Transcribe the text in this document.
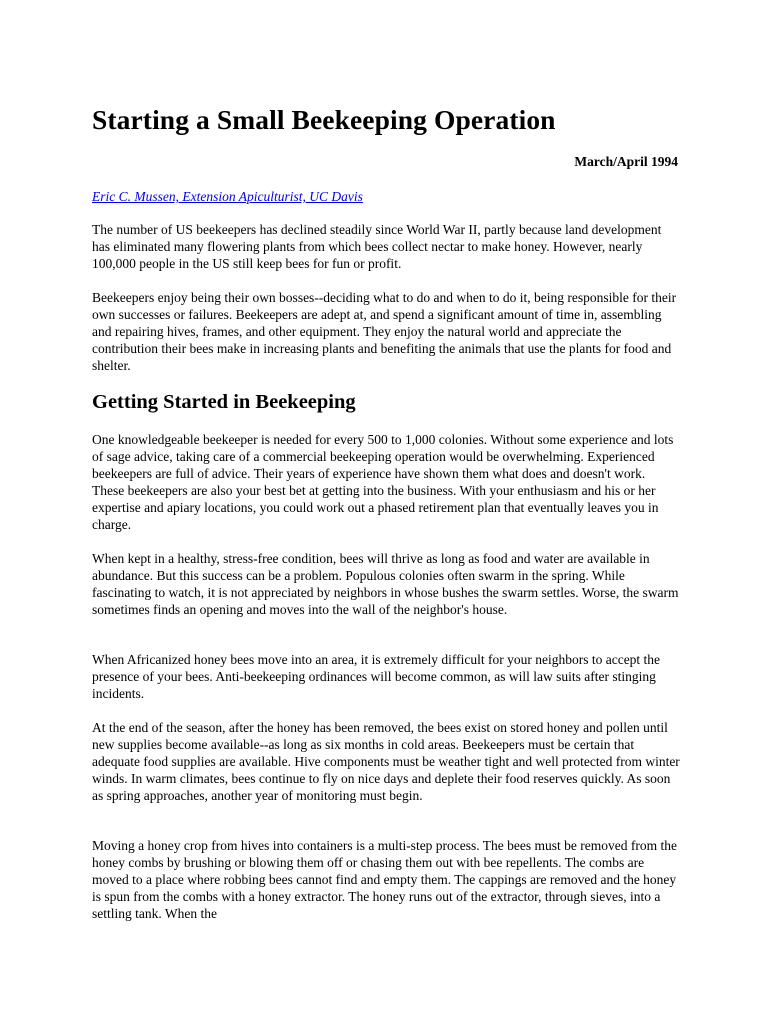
Starting a Small Beekeeping Operation

March/April 1994

Eric C. Mussen, Extension Apiculturist, UC Davis

The number of US beekeepers has declined steadily since World War II, partly because land development has eliminated many flowering plants from which bees collect nectar to make honey. However, nearly 100,000 people in the US still keep bees for fun or profit.

Beekeepers enjoy being their own bosses--deciding what to do and when to do it, being responsible for their own successes or failures. Beekeepers are adept at, and spend a significant amount of time in, assembling and repairing hives, frames, and other equipment. They enjoy the natural world and appreciate the contribution their bees make in increasing plants and benefiting the animals that use the plants for food and shelter.

Getting Started in Beekeeping

One knowledgeable beekeeper is needed for every 500 to 1,000 colonies. Without some experience and lots of sage advice, taking care of a commercial beekeeping operation would be overwhelming. Experienced beekeepers are full of advice. Their years of experience have shown them what does and doesn't work. These beekeepers are also your best bet at getting into the business. With your enthusiasm and his or her expertise and apiary locations, you could work out a phased retirement plan that eventually leaves you in charge.

When kept in a healthy, stress-free condition, bees will thrive as long as food and water are available in abundance. But this success can be a problem. Populous colonies often swarm in the spring. While fascinating to watch, it is not appreciated by neighbors in whose bushes the swarm settles. Worse, the swarm sometimes finds an opening and moves into the wall of the neighbor's house.

When Africanized honey bees move into an area, it is extremely difficult for your neighbors to accept the presence of your bees. Anti-beekeeping ordinances will become common, as will law suits after stinging incidents.

At the end of the season, after the honey has been removed, the bees exist on stored honey and pollen until new supplies become available--as long as six months in cold areas. Beekeepers must be certain that adequate food supplies are available. Hive components must be weather tight and well protected from winter winds. In warm climates, bees continue to fly on nice days and deplete their food reserves quickly. As soon as spring approaches, another year of monitoring must begin.

Moving a honey crop from hives into containers is a multi-step process. The bees must be removed from the honey combs by brushing or blowing them off or chasing them out with bee repellents. The combs are moved to a place where robbing bees cannot find and empty them. The cappings are removed and the honey is spun from the combs with a honey extractor. The honey runs out of the extractor, through sieves, into a settling tank. When the
